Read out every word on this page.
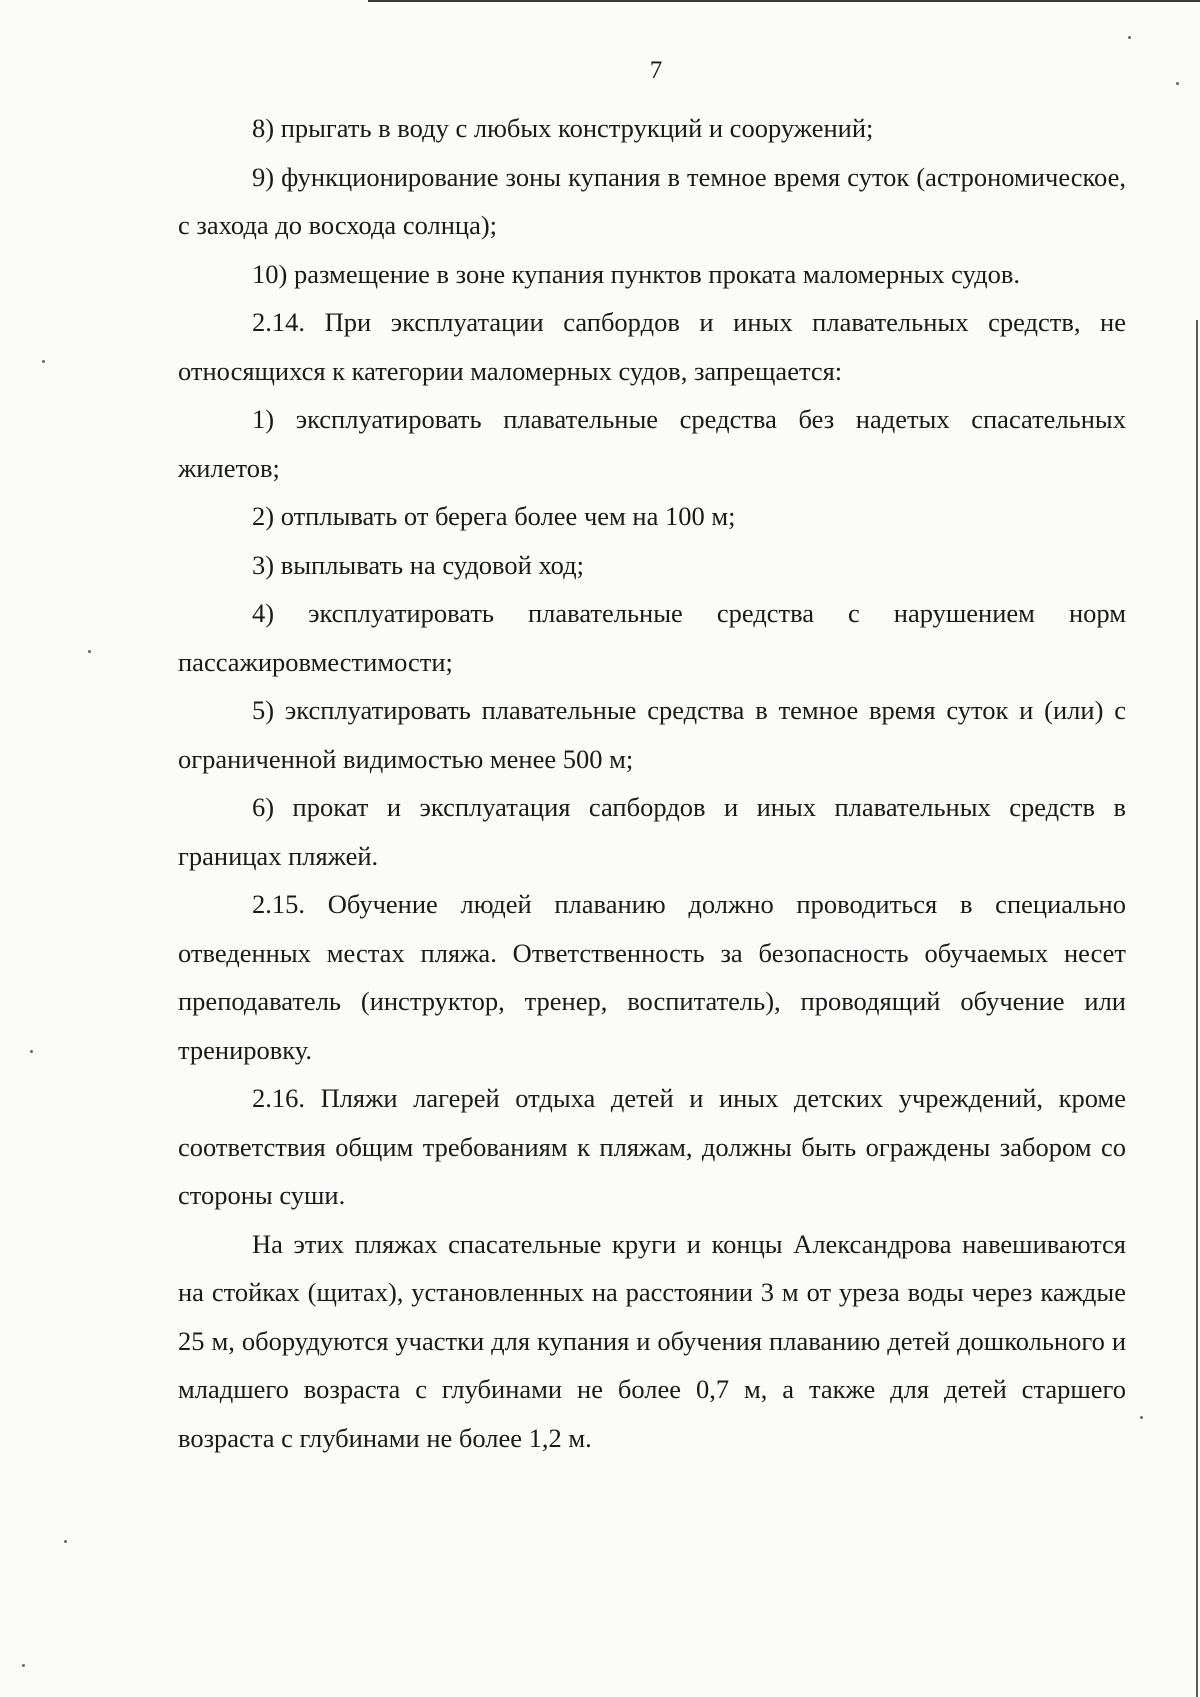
7

8) прыгать в воду с любых конструкций и сооружений;

9) функционирование зоны купания в темное время суток (астрономическое, с захода до восхода солнца);

10) размещение в зоне купания пунктов проката маломерных судов.

2.14. При эксплуатации сапбордов и иных плавательных средств, не относящихся к категории маломерных судов, запрещается:

1) эксплуатировать плавательные средства без надетых спасательных жилетов;

2) отплывать от берега более чем на 100 м;

3) выплывать на судовой ход;

4) эксплуатировать плавательные средства с нарушением норм пассажировместимости;

5) эксплуатировать плавательные средства в темное время суток и (или) с ограниченной видимостью менее 500 м;

6) прокат и эксплуатация сапбордов и иных плавательных средств в границах пляжей.

2.15. Обучение людей плаванию должно проводиться в специально отведенных местах пляжа. Ответственность за безопасность обучаемых несет преподаватель (инструктор, тренер, воспитатель), проводящий обучение или тренировку.

2.16. Пляжи лагерей отдыха детей и иных детских учреждений, кроме соответствия общим требованиям к пляжам, должны быть ограждены забором со стороны суши.

На этих пляжах спасательные круги и концы Александрова навешиваются на стойках (щитах), установленных на расстоянии 3 м от уреза воды через каждые 25 м, оборудуются участки для купания и обучения плаванию детей дошкольного и младшего возраста с глубинами не более 0,7 м, а также для детей старшего возраста с глубинами не более 1,2 м.
